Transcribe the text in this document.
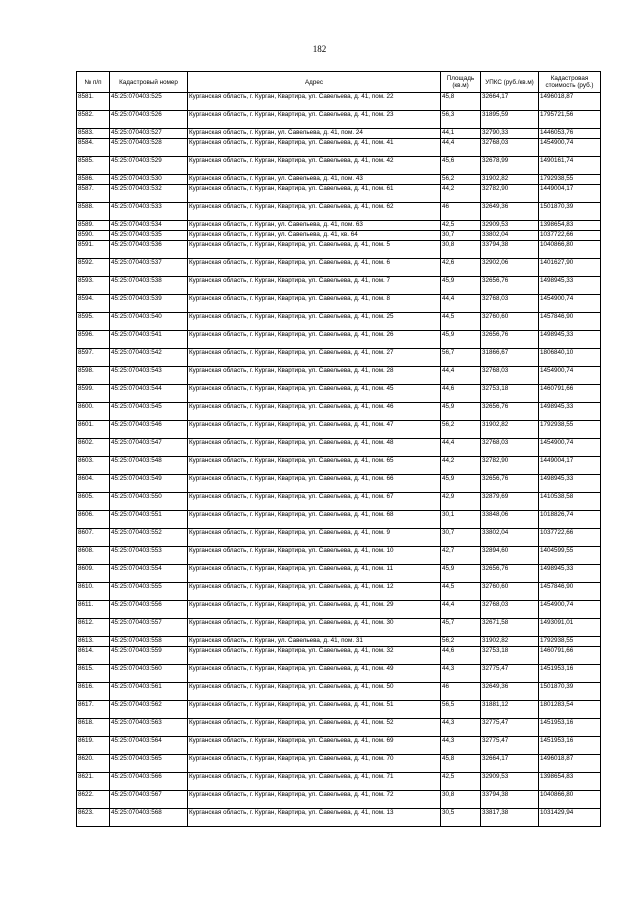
182
№ п/п	Кадастровый номер	Адрес	Площадь (кв.м)	УПКС (руб./кв.м)	Кадастровая стоимость (руб.)
8581.	45:25:070403:525	Курганская область, г. Курган, Квартира, ул. Савельева, д. 41, пом. 22	45,8	32664,17	1496018,87
8582.	45:25:070403:526	Курганская область, г. Курган, Квартира, ул. Савельева, д. 41, пом. 23	56,3	31895,59	1795721,56
8583.	45:25:070403:527	Курганская область, г. Курган, ул. Савельева, д. 41, пом. 24	44,1	32790,33	1446053,76
8584.	45:25:070403:528	Курганская область, г. Курган, Квартира, ул. Савельева, д. 41, пом. 41	44,4	32768,03	1454900,74
8585.	45:25:070403:529	Курганская область, г. Курган, Квартира, ул. Савельева, д. 41, пом. 42	45,6	32678,99	1490161,74
8586.	45:25:070403:530	Курганская область, г. Курган, ул. Савельева, д. 41, пом. 43	56,2	31902,82	1792938,55
8587.	45:25:070403:532	Курганская область, г. Курган, Квартира, ул. Савельева, д. 41, пом. 61	44,2	32782,90	1449004,17
8588.	45:25:070403:533	Курганская область, г. Курган, Квартира, ул. Савельева, д. 41, пом. 62	46	32649,36	1501870,39
8589.	45:25:070403:534	Курганская область, г. Курган, ул. Савельева, д. 41, пом. 63	42,5	32909,53	1398654,83
8590.	45:25:070403:535	Курганская область, г. Курган, ул. Савельева, д. 41, кв. 64	30,7	33802,04	1037722,66
8591.	45:25:070403:536	Курганская область, г. Курган, Квартира, ул. Савельева, д. 41, пом. 5	30,8	33794,38	1040866,80
8592.	45:25:070403:537	Курганская область, г. Курган, Квартира, ул. Савельева, д. 41, пом. 6	42,6	32902,06	1401627,90
8593.	45:25:070403:538	Курганская область, г. Курган, Квартира, ул. Савельева, д. 41, пом. 7	45,9	32656,76	1498945,33
8594.	45:25:070403:539	Курганская область, г. Курган, Квартира, ул. Савельева, д. 41, пом. 8	44,4	32768,03	1454900,74
8595.	45:25:070403:540	Курганская область, г. Курган, Квартира, ул. Савельева, д. 41, пом. 25	44,5	32760,60	1457846,90
8596.	45:25:070403:541	Курганская область, г. Курган, Квартира, ул. Савельева, д. 41, пом. 26	45,9	32656,76	1498945,33
8597.	45:25:070403:542	Курганская область, г. Курган, Квартира, ул. Савельева, д. 41, пом. 27	56,7	31866,67	1806840,10
8598.	45:25:070403:543	Курганская область, г. Курган, Квартира, ул. Савельева, д. 41, пом. 28	44,4	32768,03	1454900,74
8599.	45:25:070403:544	Курганская область, г. Курган, Квартира, ул. Савельева, д. 41, пом. 45	44,6	32753,18	1460791,66
8600.	45:25:070403:545	Курганская область, г. Курган, Квартира, ул. Савельева, д. 41, пом. 46	45,9	32656,76	1498945,33
8601.	45:25:070403:546	Курганская область, г. Курган, Квартира, ул. Савельева, д. 41, пом. 47	56,2	31902,82	1792938,55
8602.	45:25:070403:547	Курганская область, г. Курган, Квартира, ул. Савельева, д. 41, пом. 48	44,4	32768,03	1454900,74
8603.	45:25:070403:548	Курганская область, г. Курган, Квартира, ул. Савельева, д. 41, пом. 65	44,2	32782,90	1449004,17
8604.	45:25:070403:549	Курганская область, г. Курган, Квартира, ул. Савельева, д. 41, пом. 66	45,9	32656,76	1498945,33
8605.	45:25:070403:550	Курганская область, г. Курган, Квартира, ул. Савельева, д. 41, пом. 67	42,9	32879,69	1410538,58
8606.	45:25:070403:551	Курганская область, г. Курган, Квартира, ул. Савельева, д. 41, пом. 68	30,1	33848,06	1018826,74
8607.	45:25:070403:552	Курганская область, г. Курган, Квартира, ул. Савельева, д. 41, пом. 9	30,7	33802,04	1037722,66
8608.	45:25:070403:553	Курганская область, г. Курган, Квартира, ул. Савельева, д. 41, пом. 10	42,7	32894,60	1404599,55
8609.	45:25:070403:554	Курганская область, г. Курган, Квартира, ул. Савельева, д. 41, пом. 11	45,9	32656,76	1498945,33
8610.	45:25:070403:555	Курганская область, г. Курган, Квартира, ул. Савельева, д. 41, пом. 12	44,5	32760,60	1457846,90
8611.	45:25:070403:556	Курганская область, г. Курган, Квартира, ул. Савельева, д. 41, пом. 29	44,4	32768,03	1454900,74
8612.	45:25:070403:557	Курганская область, г. Курган, Квартира, ул. Савельева, д. 41, пом. 30	45,7	32671,58	1493091,01
8613.	45:25:070403:558	Курганская область, г. Курган, ул. Савельева, д. 41, пом. 31	56,2	31902,82	1792938,55
8614.	45:25:070403:559	Курганская область, г. Курган, Квартира, ул. Савельева, д. 41, пом. 32	44,6	32753,18	1460791,66
8615.	45:25:070403:560	Курганская область, г. Курган, Квартира, ул. Савельева, д. 41, пом. 49	44,3	32775,47	1451953,16
8616.	45:25:070403:561	Курганская область, г. Курган, Квартира, ул. Савельева, д. 41, пом. 50	46	32649,36	1501870,39
8617.	45:25:070403:562	Курганская область, г. Курган, Квартира, ул. Савельева, д. 41, пом. 51	56,5	31881,12	1801283,54
8618.	45:25:070403:563	Курганская область, г. Курган, Квартира, ул. Савельева, д. 41, пом. 52	44,3	32775,47	1451953,16
8619.	45:25:070403:564	Курганская область, г. Курган, Квартира, ул. Савельева, д. 41, пом. 69	44,3	32775,47	1451953,16
8620.	45:25:070403:565	Курганская область, г. Курган, Квартира, ул. Савельева, д. 41, пом. 70	45,8	32664,17	1496018,87
8621.	45:25:070403:566	Курганская область, г. Курган, Квартира, ул. Савельева, д. 41, пом. 71	42,5	32909,53	1398654,83
8622.	45:25:070403:567	Курганская область, г. Курган, Квартира, ул. Савельева, д. 41, пом. 72	30,8	33794,38	1040866,80
8623.	45:25:070403:568	Курганская область, г. Курган, Квартира, ул. Савельева, д. 41, пом. 13	30,5	33817,38	1031429,94
